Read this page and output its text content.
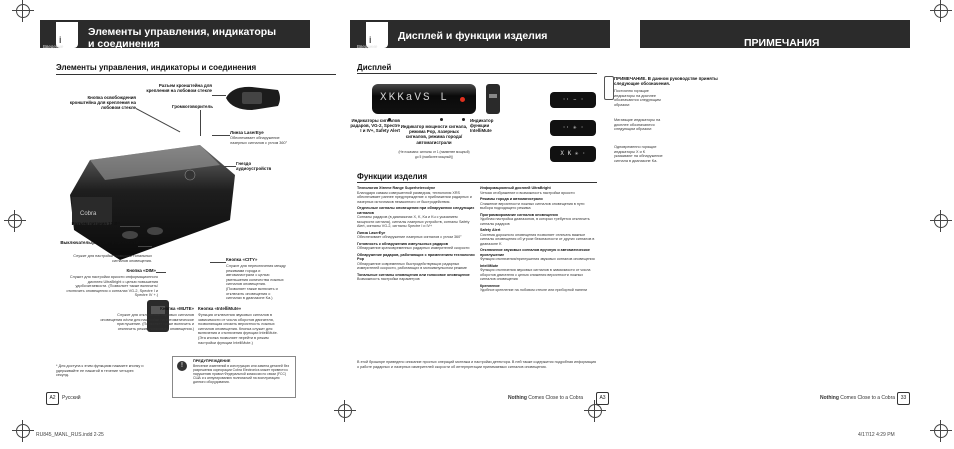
i
Введение
Элементы управления, индикаторы
и соединения
Элементы управления, индикаторы и соединения
Cobra
Кнопка освобождения кронштейна для крепления на лобовом стекле
Разъем кронштейна для крепления на лобовом стекле
Громкоговоритель
Линза LaserEye
Обеспечивает обнаружение лазерных сигналов с углом 360°
Гнездо аудиоустройств
Разъем питания 12 В=
Выключатель/регулятор громкости
Служит для настройки громкости тональных сигналов оповещения.
Кнопка «DIM»
Служит для настройки яркости информационного дисплея UltraBright с целью повышения удобочитаемости. (Позволяет также включить/отключить оповещения о сигналах VG-2, Spectre I и Spectre IV +.)
Кнопка «CITY»
Служит для переключения между режимами города и автомагистрали с целью уменьшения количества ложных сигналов оповещения. (Позволяет также включить и отключить оповещения о сигналах в диапазоне Ka.)
Кнопка «MUTE»
Служит для отключения звуковых сигналов оповещения и/или для настройки на автоматическое приглушение. (Позволяет также включить и отключить режим голосового оповещения.)
Кнопка «IntelliMute»
Функция отключения звуковых сигналов в зависимости от числа оборотов двигателя, позволяющая снизить вероятность ложных сигналов оповещения. Кнопка служит для включения и отключения функции IntelliMute. (Эта кнопка позволяет перейти в режим настройки функции IntelliMute.)
* Для доступа к этим функциям нажмите кнопку и удерживайте ее нажатой в течение четырех секунд.
!
ПРЕДУПРЕЖДЕНИЕ
Внесение изменений в конструкцию или замена деталей без разрешения корпорации Cobra Electronics может привести к нарушению правил Федеральной комиссии по связи (FCC) США и к аннулированию полномочий на эксплуатацию данного оборудования.
A2	Русский
i
Введение
Дисплей и функции изделия
Дисплей
XKKaVS L
Индикаторы сигналов радаров, VG-2, Spectre I и IV+, Safety Alert
Индикатор мощности сигнала, режима Pop, лазерных сигналов, режима города/автомагистрали
(Не показана: сигналы от 1 (наименее мощный) до 5 (наиболее мощный))
Индикатор функции IntelliMute
Функции изделия
Технология Xtreme Range Superheterodyne

Благодаря самым совершенной разведчик, технология XRS обеспечивает раннее предупреждение о приближении радарных и лазерных источников незаконного от быстродействия.

Отдельные сигналы оповещения при обнаружении следующих сигналов

Сигналы радаров (в диапазонах X, K, Ka и Ku с указанием мощности сигнала), сигналы лазерных устройств, сигналы Safety Alert, сигналы VG-2, сигналы Spectre I и IV+

Линза LaserEye

Обеспечивает обнаружение лазерных сигналов с углом 360°

Готовность к обнаружению импульсных радаров

Обнаружение кратковременных радарных измерителей скорости

Обнаружение радаров, работающих с применением технологии Pop

Обнаружение современных быстродействующих радарных измерителей скорости, работающих в моноимпульсном режиме

Тональные сигналы оповещения или голосовое оповещение

Возможность настройки параметров

Информационный дисплей UltraBright

Четкая отображение и возможность настройки яркости

Режимы города и автомагистрали

Снижение вероятности ложных сигналов оповещения в пути выбора подходящего режима

Программирование сигналов оповещения

Удобная настройка диапазонов, в которых требуется отключить сигналы радаров

Safety Alert

Система дорожного оповещения позволяет отличать важные сигналы оповещения об угрозе безопасности от других сигналов в диапазоне K

Отключение звуковых сигналов вручную и автоматическое приглушение

Функция отключения/приглушения звуковых сигналов оповещения

IntelliMute

Функция отключения звуковых сигналов в зависимости от числа оборотов двигателя с целью снижения вероятности ложных сигналов оповещения

Крепление

Удобное крепление на лобовом стекле или приборной панели

В этой брошюре приведено описание простых операций монтажа и настройки детектора. В ней также содержится подробная информация о работе радарных и лазерных измерителей скорости об интерпретации принимаемых сигналов оповещения.
Nothing Comes Close to a Cobra	A3
ПРИМЕЧАНИЯ
ПРИМЕЧАНИЕ. В данном руководстве приняты следующие обозначения.
Постоянно горящие индикаторы на дисплее обозначаются следующим образом:
·· – ·
Мигающие индикаторы на дисплее обозначаются следующим образом:
·· ✳ ·
Одновременно горящие индикаторы X и K указывают на обнаружение сигнала в диапазоне Ka.
X K ✳ ·
Nothing Comes Close to a Cobra	33
RU845_MANL_RUS.indd 2-25	4/17/12 4:29 PM
